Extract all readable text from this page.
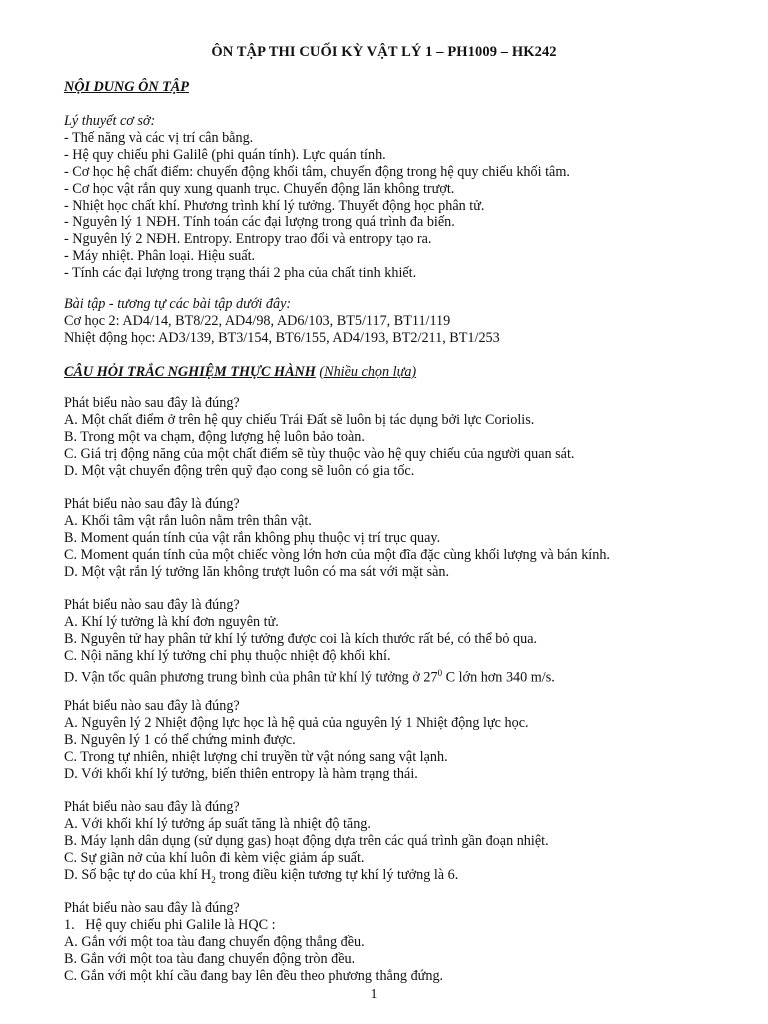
ÔN TẬP THI CUỐI KỲ VẬT LÝ 1 – PH1009 – HK242
NỘI DUNG ÔN TẬP
Lý thuyết cơ sở:
- Thế năng và các vị trí cân bằng.
- Hệ quy chiếu phi Galilê (phi quán tính). Lực quán tính.
- Cơ học hệ chất điểm: chuyển động khối tâm, chuyển động trong hệ quy chiếu khối tâm.
- Cơ học vật rắn quy xung quanh trục. Chuyển động lăn không trượt.
- Nhiệt học chất khí. Phương trình khí lý tưởng. Thuyết động học phân tử.
- Nguyên lý 1 NĐH. Tính toán các đại lượng trong quá trình đa biến.
- Nguyên lý 2 NĐH. Entropy. Entropy trao đổi và entropy tạo ra.
- Máy nhiệt. Phân loại. Hiệu suất.
- Tính các đại lượng trong trạng thái 2 pha của chất tinh khiết.
Bài tập - tương tự các bài tập dưới đây:
Cơ học 2: AD4/14, BT8/22, AD4/98, AD6/103, BT5/117, BT11/119
Nhiệt động học: AD3/139, BT3/154, BT6/155, AD4/193, BT2/211, BT1/253
CÂU HỎI TRẮC NGHIỆM THỰC HÀNH (Nhiều chọn lựa)
Phát biểu nào sau đây là đúng?
A. Một chất điểm ở trên hệ quy chiếu Trái Đất sẽ luôn bị tác dụng bởi lực Coriolis.
B. Trong một va chạm, động lượng hệ luôn bảo toàn.
C. Giá trị động năng của một chất điểm sẽ tùy thuộc vào hệ quy chiếu của người quan sát.
D. Một vật chuyển động trên quỹ đạo cong sẽ luôn có gia tốc.
Phát biểu nào sau đây là đúng?
A. Khối tâm vật rắn luôn nằm trên thân vật.
B. Moment quán tính của vật rắn không phụ thuộc vị trí trục quay.
C. Moment quán tính của một chiếc vòng lớn hơn của một đĩa đặc cùng khối lượng và bán kính.
D. Một vật rắn lý tưởng lăn không trượt luôn có ma sát với mặt sàn.
Phát biểu nào sau đây là đúng?
A. Khí lý tưởng là khí đơn nguyên tử.
B. Nguyên tử hay phân tử khí lý tưởng được coi là kích thước rất bé, có thể bỏ qua.
C. Nội năng khí lý tưởng chỉ phụ thuộc nhiệt độ khối khí.
D. Vận tốc quân phương trung bình của phân tử khí lý tưởng ở $27^0$ C lớn hơn 340 m/s.
Phát biểu nào sau đây là đúng?
A. Nguyên lý 2 Nhiệt động lực học là hệ quả của nguyên lý 1 Nhiệt động lực học.
B. Nguyên lý 1 có thể chứng minh được.
C. Trong tự nhiên, nhiệt lượng chỉ truyền từ vật nóng sang vật lạnh.
D. Với khối khí lý tưởng, biến thiên entropy là hàm trạng thái.
Phát biểu nào sau đây là đúng?
A. Với khối khí lý tưởng áp suất tăng là nhiệt độ tăng.
B. Máy lạnh dân dụng (sử dụng gas) hoạt động dựa trên các quá trình gần đoạn nhiệt.
C. Sự giãn nở của khí luôn đi kèm việc giảm áp suất.
D. Số bậc tự do của khí $H_2$ trong điều kiện tương tự khí lý tưởng là 6.
Phát biểu nào sau đây là đúng?
1.   Hệ quy chiếu phi Galile là HQC :
A. Gắn với một toa tàu đang chuyển động thẳng đều.
B. Gắn với một toa tàu đang chuyển động tròn đều.
C. Gắn với một khí cầu đang bay lên đều theo phương thẳng đứng.
1
